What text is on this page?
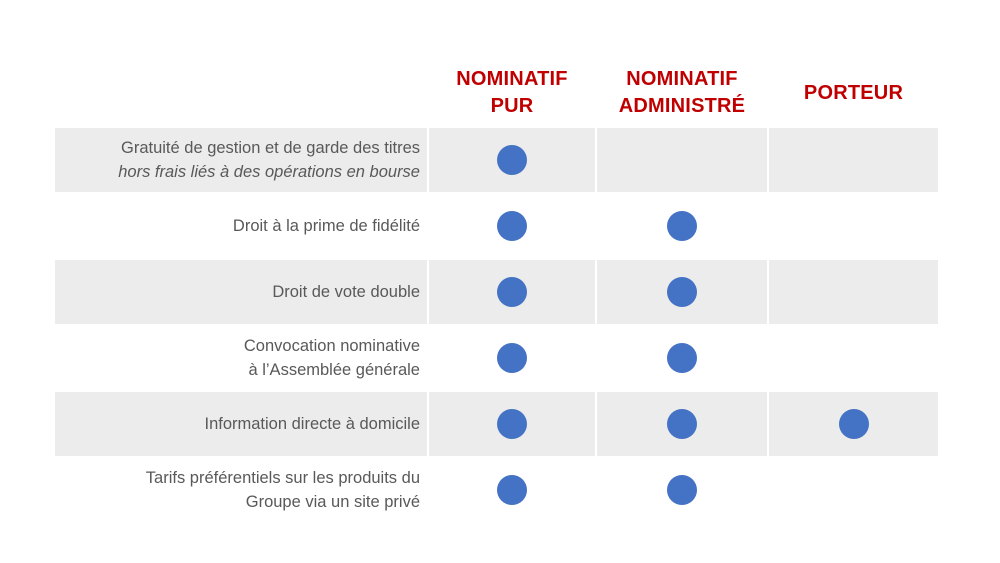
NOMINATIF
PUR
NOMINATIF
ADMINISTRÉ
PORTEUR
Gratuité de gestion et de garde des titres
hors frais liés à des opérations en bourse
Droit à la prime de fidélité
Droit de vote double
Convocation nominative
à l’Assemblée générale
Information directe à domicile
Tarifs préférentiels sur les produits du
Groupe via un site privé
